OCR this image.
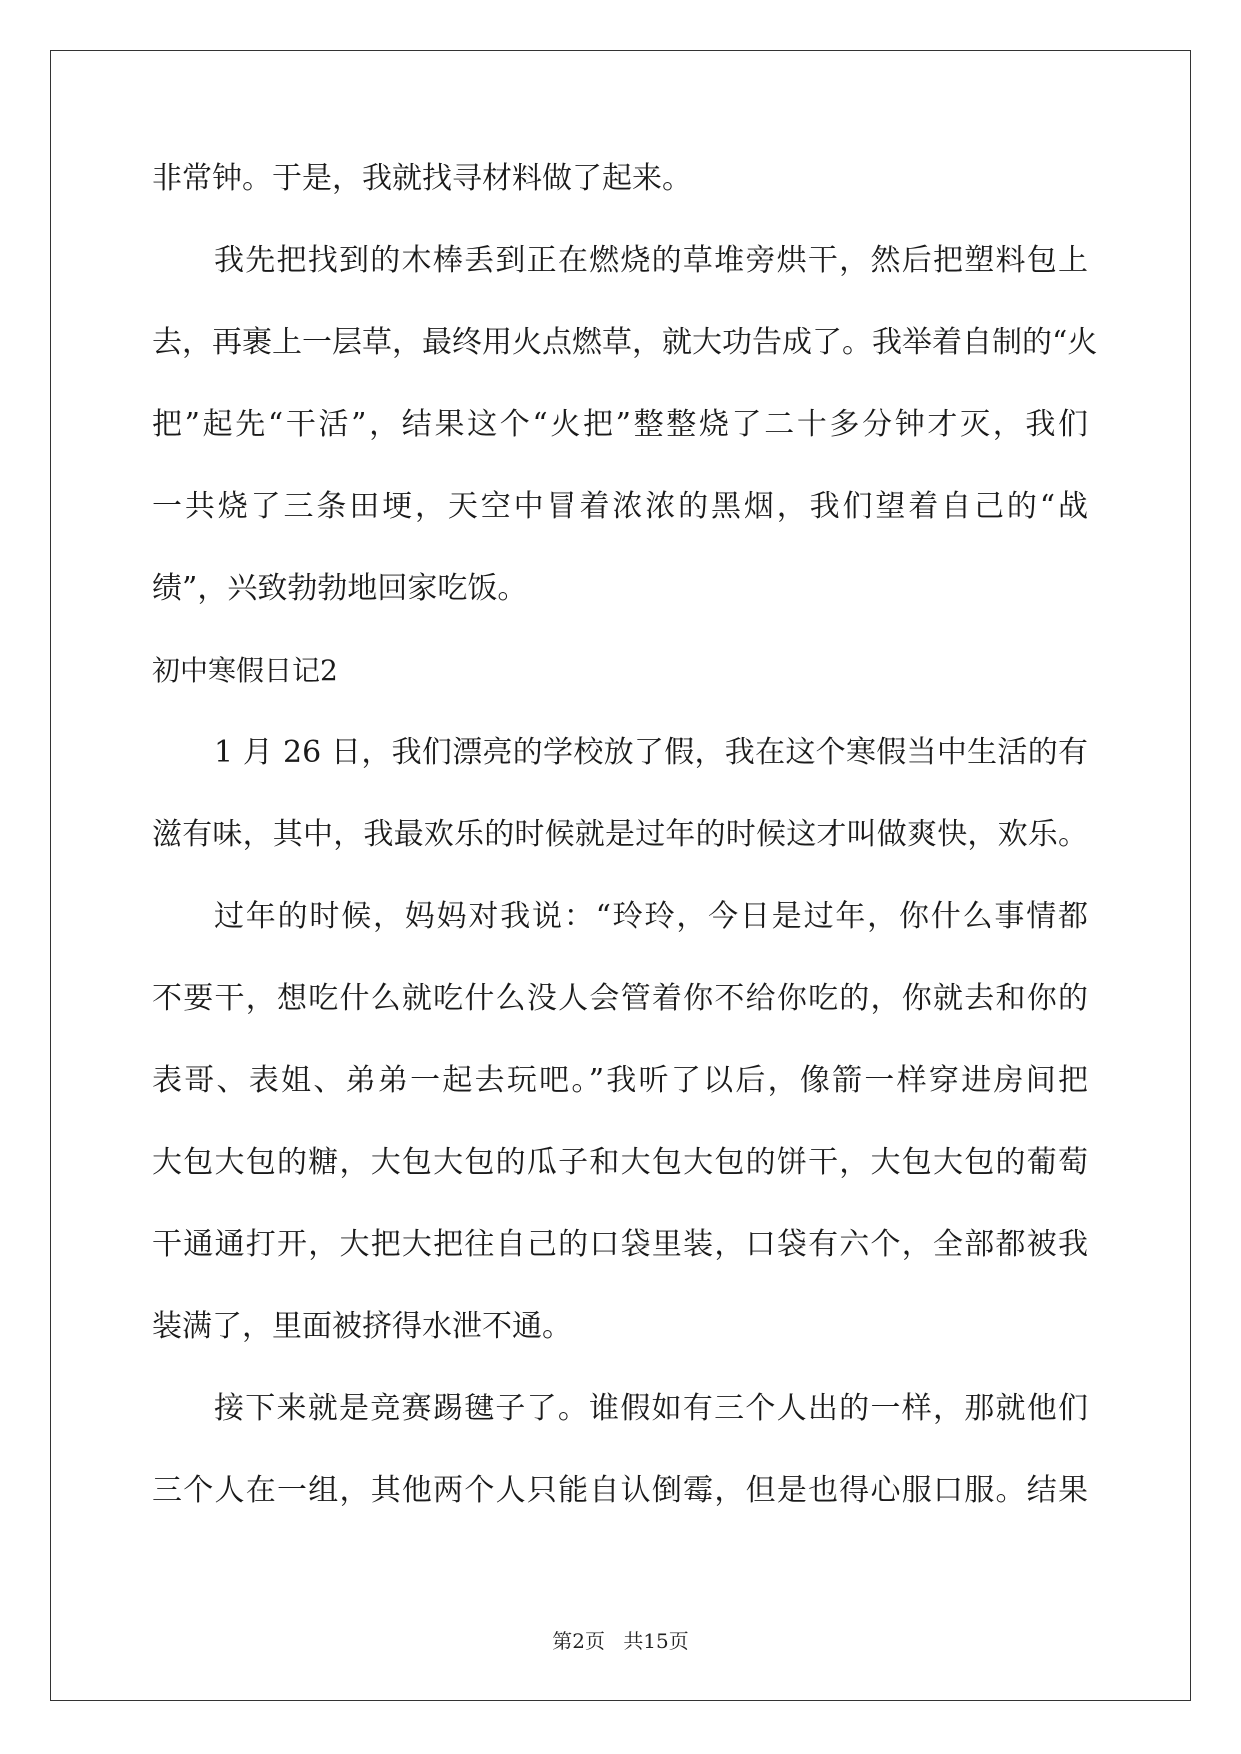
非常钟。于是，我就找寻材料做了起来。
我先把找到的木棒丢到正在燃烧的草堆旁烘干，然后把塑料包上
去，再裹上一层草，最终用火点燃草，就大功告成了。我举着自制的“火
把”起先“干活”，结果这个“火把”整整烧了二十多分钟才灭，我们
一共烧了三条田埂，天空中冒着浓浓的黑烟，我们望着自己的“战
绩”，兴致勃勃地回家吃饭。
初中寒假日记2
1 月 26 日，我们漂亮的学校放了假，我在这个寒假当中生活的有
滋有味，其中，我最欢乐的时候就是过年的时候这才叫做爽快，欢乐。
过年的时候，妈妈对我说：“玲玲，今日是过年，你什么事情都
不要干，想吃什么就吃什么没人会管着你不给你吃的，你就去和你的
表哥、表姐、弟弟一起去玩吧。”我听了以后，像箭一样穿进房间把
大包大包的糖，大包大包的瓜子和大包大包的饼干，大包大包的葡萄
干通通打开，大把大把往自己的口袋里装，口袋有六个，全部都被我
装满了，里面被挤得水泄不通。
接下来就是竞赛踢毽子了。谁假如有三个人出的一样，那就他们
三个人在一组，其他两个人只能自认倒霉，但是也得心服口服。结果
第2页 共15页
